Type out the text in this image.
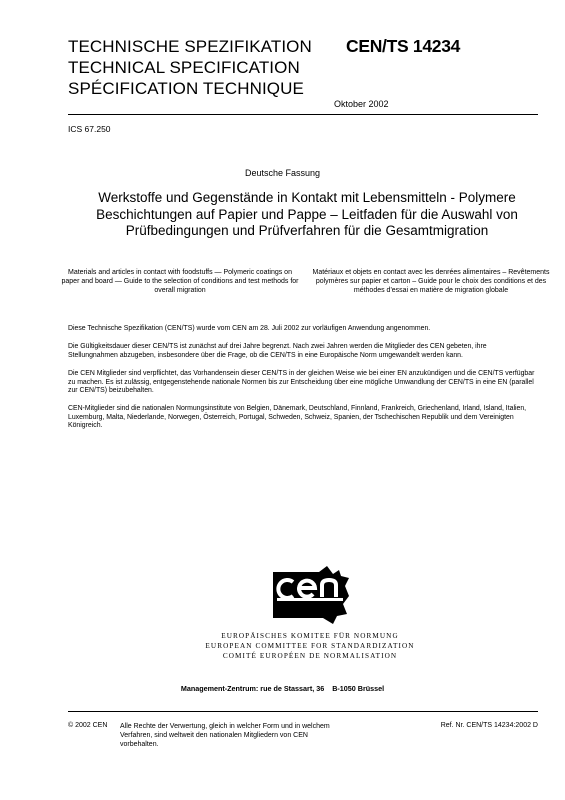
TECHNISCHE SPEZIFIKATION
TECHNICAL SPECIFICATION
SPÉCIFICATION TECHNIQUE
CEN/TS 14234
Oktober 2002
ICS 67.250
Deutsche Fassung
Werkstoffe und Gegenstände in Kontakt mit Lebensmitteln - Polymere Beschichtungen auf Papier und Pappe – Leitfaden für die Auswahl von Prüfbedingungen und Prüfverfahren für die Gesamtmigration
Materials and articles in contact with foodstuffs — Polymeric coatings on paper and board — Guide to the selection of conditions and test methods for overall migration
Matériaux et objets en contact avec les denrées alimentaires – Revêtements polymères sur papier et carton – Guide pour le choix des conditions et des méthodes d'essai en matière de migration globale
Diese Technische Spezifikation (CEN/TS) wurde vom CEN am 28. Juli 2002 zur vorläufigen Anwendung angenommen.
Die Gültigkeitsdauer dieser CEN/TS ist zunächst auf drei Jahre begrenzt. Nach zwei Jahren werden die Mitglieder des CEN gebeten, ihre Stellungnahmen abzugeben, insbesondere über die Frage, ob die CEN/TS in eine Europäische Norm umgewandelt werden kann.
Die CEN Mitglieder sind verpflichtet, das Vorhandensein dieser CEN/TS in der gleichen Weise wie bei einer EN anzukündigen und die CEN/TS verfügbar zu machen. Es ist zulässig, entgegenstehende nationale Normen bis zur Entscheidung über eine mögliche Umwandlung der CEN/TS in eine EN (parallel zur CEN/TS) beizubehalten.
CEN-Mitglieder sind die nationalen Normungsinstitute von Belgien, Dänemark, Deutschland, Finnland, Frankreich, Griechenland, Irland, Island, Italien, Luxemburg, Malta, Niederlande, Norwegen, Österreich, Portugal, Schweden, Schweiz, Spanien, der Tschechischen Republik und dem Vereinigten Königreich.
EUROPÄISCHES KOMITEE FÜR NORMUNG
EUROPEAN COMMITTEE FOR STANDARDIZATION
COMITÉ EUROPÉEN DE NORMALISATION
Management-Zentrum: rue de Stassart, 36    B-1050 Brüssel
© 2002 CEN Alle Rechte der Verwertung, gleich in welcher Form und in welchem Verfahren, sind weltweit den nationalen Mitgliedern von CEN vorbehalten.
Ref. Nr. CEN/TS 14234:2002 D
